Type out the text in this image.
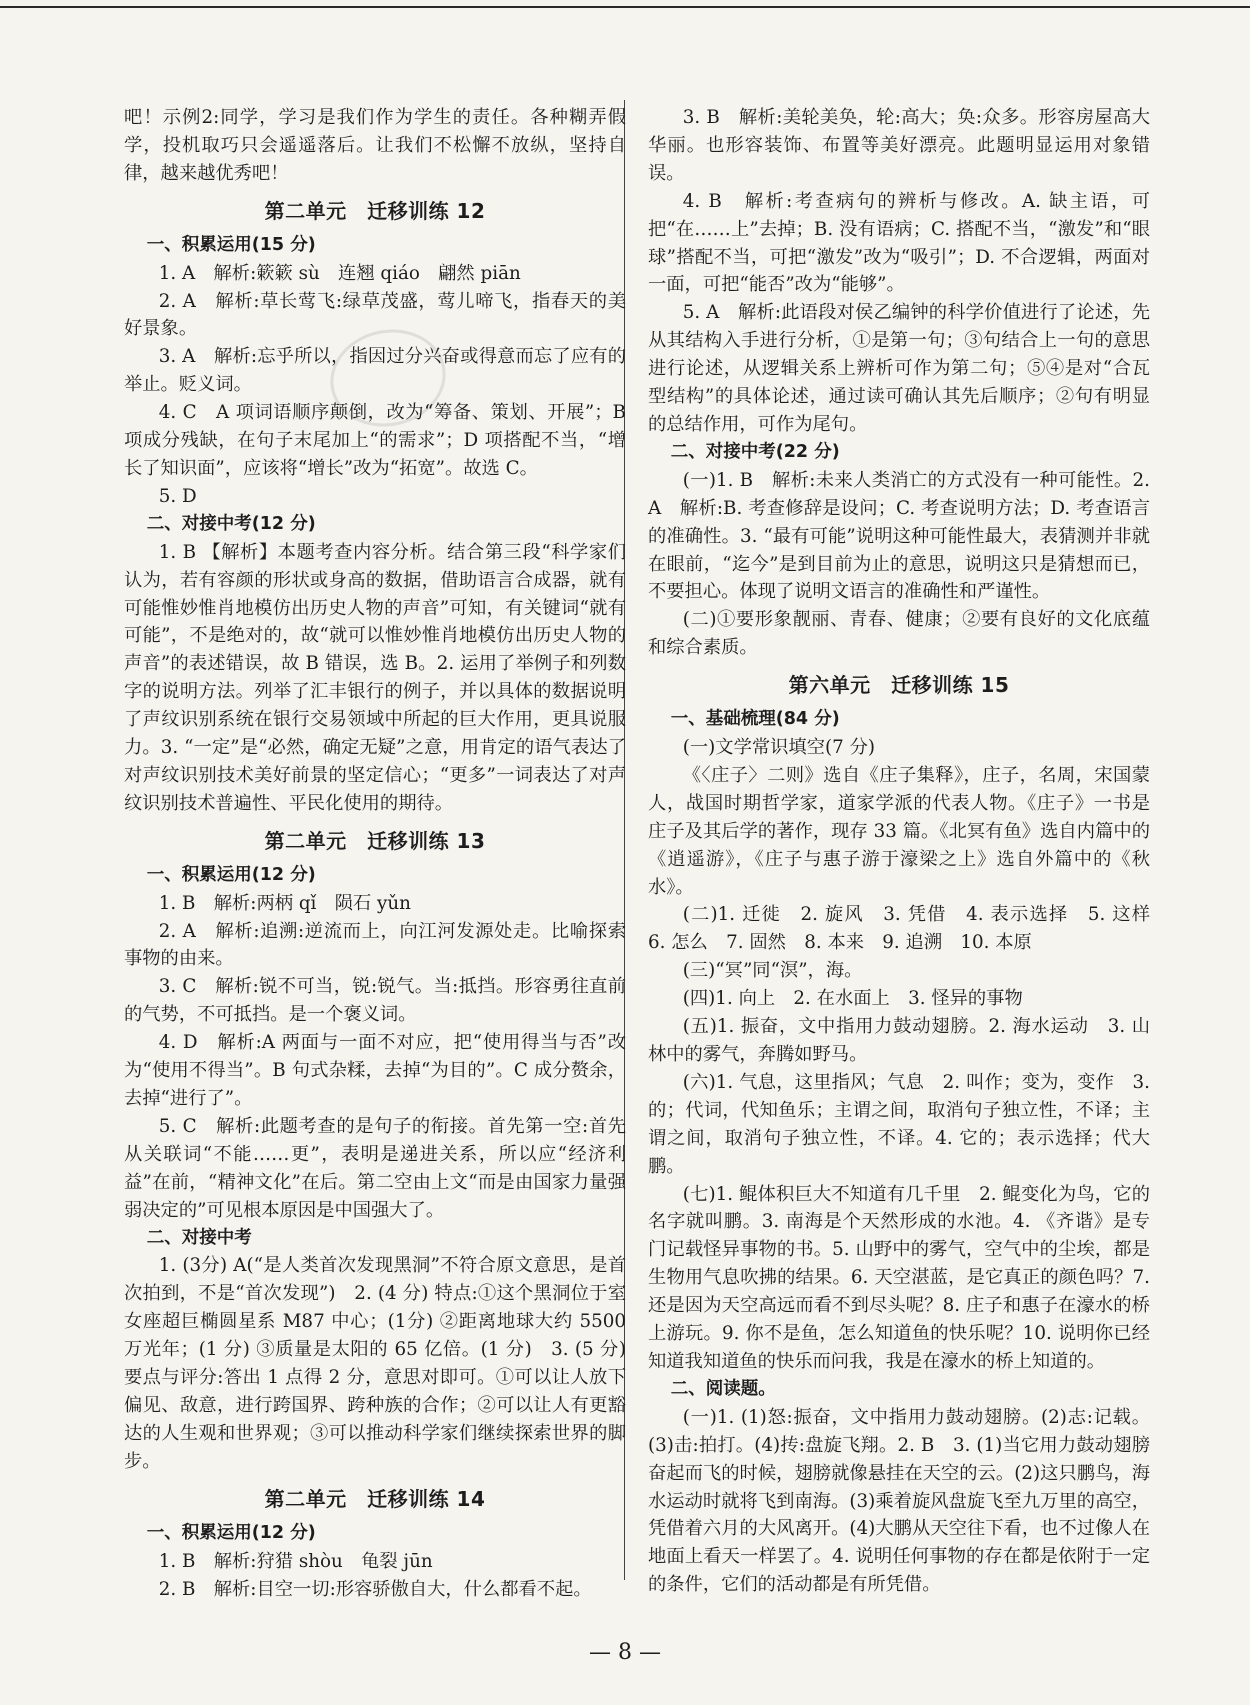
吧！示例2:同学，学习是我们作为学生的责任。各种糊弄假学，投机取巧只会遥遥落后。让我们不松懈不放纵，坚持自律，越来越优秀吧！

第二单元　迁移训练 12
一、积累运用(15 分)

1. A　解析:簌簌 sù　连翘 qiáo　翩然 piān

2. A　解析:草长莺飞:绿草茂盛，莺儿啼飞，指春天的美好景象。

3. A　解析:忘乎所以，指因过分兴奋或得意而忘了应有的举止。贬义词。

4. C　A 项词语顺序颠倒，改为“筹备、策划、开展”；B 项成分残缺，在句子末尾加上“的需求”；D 项搭配不当，“增长了知识面”，应该将“增长”改为“拓宽”。故选 C。

5. D

二、对接中考(12 分)

1. B 【解析】本题考查内容分析。结合第三段“科学家们认为，若有容颜的形状或身高的数据，借助语言合成器，就有可能惟妙惟肖地模仿出历史人物的声音”可知，有关键词“就有可能”，不是绝对的，故“就可以惟妙惟肖地模仿出历史人物的声音”的表述错误，故 B 错误，选 B。2. 运用了举例子和列数字的说明方法。列举了汇丰银行的例子，并以具体的数据说明了声纹识别系统在银行交易领域中所起的巨大作用，更具说服力。3. “一定”是“必然，确定无疑”之意，用肯定的语气表达了对声纹识别技术美好前景的坚定信心；“更多”一词表达了对声纹识别技术普遍性、平民化使用的期待。

第二单元　迁移训练 13
一、积累运用(12 分)

1. B　解析:两柄 qǐ　陨石 yǔn

2. A　解析:追溯:逆流而上，向江河发源处走。比喻探索事物的由来。

3. C　解析:锐不可当，锐:锐气。当:抵挡。形容勇往直前的气势，不可抵挡。是一个褒义词。

4. D　解析:A 两面与一面不对应，把“使用得当与否”改为“使用不得当”。B 句式杂糅，去掉“为目的”。C 成分赘余，去掉“进行了”。

5. C　解析:此题考查的是句子的衔接。首先第一空:首先从关联词“不能……更”，表明是递进关系，所以应“经济利益”在前，“精神文化”在后。第二空由上文“而是由国家力量强弱决定的”可见根本原因是中国强大了。

二、对接中考

1. (3分) A(“是人类首次发现黑洞”不符合原文意思，是首次拍到，不是“首次发现”)　2. (4 分) 特点:①这个黑洞位于室女座超巨椭圆星系 M87 中心；(1分) ②距离地球大约 5500 万光年；(1 分) ③质量是太阳的 65 亿倍。(1 分)　3. (5 分) 要点与评分:答出 1 点得 2 分，意思对即可。①可以让人放下偏见、敌意，进行跨国界、跨种族的合作；②可以让人有更豁达的人生观和世界观；③可以推动科学家们继续探索世界的脚步。

第二单元　迁移训练 14
一、积累运用(12 分)

1. B　解析:狩猎 shòu　龟裂 jūn

2. B　解析:目空一切:形容骄傲自大，什么都看不起。

3. B　解析:美轮美奂，轮:高大；奂:众多。形容房屋高大华丽。也形容装饰、布置等美好漂亮。此题明显运用对象错误。

4. B　解析:考查病句的辨析与修改。A. 缺主语，可把“在……上”去掉；B. 没有语病；C. 搭配不当，“激发”和“眼球”搭配不当，可把“激发”改为“吸引”；D. 不合逻辑，两面对一面，可把“能否”改为“能够”。

5. A　解析:此语段对侯乙编钟的科学价值进行了论述，先从其结构入手进行分析，①是第一句；③句结合上一句的意思进行论述，从逻辑关系上辨析可作为第二句；⑤④是对“合瓦型结构”的具体论述，通过读可确认其先后顺序；②句有明显的总结作用，可作为尾句。

二、对接中考(22 分)

(一)1. B　解析:未来人类消亡的方式没有一种可能性。2. A　解析:B. 考查修辞是设问；C. 考查说明方法；D. 考查语言的准确性。3. “最有可能”说明这种可能性最大，表猜测并非就在眼前，“迄今”是到目前为止的意思，说明这只是猜想而已，不要担心。体现了说明文语言的准确性和严谨性。

(二)①要形象靓丽、青春、健康；②要有良好的文化底蕴和综合素质。

第六单元　迁移训练 15
一、基础梳理(84 分)

(一)文学常识填空(7 分)

《〈庄子〉二则》选自《庄子集释》，庄子，名周，宋国蒙人，战国时期哲学家，道家学派的代表人物。《庄子》一书是庄子及其后学的著作，现存 33 篇。《北冥有鱼》选自内篇中的《逍遥游》，《庄子与惠子游于濠梁之上》选自外篇中的《秋水》。

(二)1. 迁徙　2. 旋风　3. 凭借　4. 表示选择　5. 这样　6. 怎么　7. 固然　8. 本来　9. 追溯　10. 本原

(三)“冥”同“溟”，海。

(四)1. 向上　2. 在水面上　3. 怪异的事物

(五)1. 振奋，文中指用力鼓动翅膀。2. 海水运动　3. 山林中的雾气，奔腾如野马。

(六)1. 气息，这里指风；气息　2. 叫作；变为，变作　3. 的；代词，代知鱼乐；主谓之间，取消句子独立性，不译；主谓之间，取消句子独立性，不译。4. 它的；表示选择；代大鹏。

(七)1. 鲲体积巨大不知道有几千里　2. 鲲变化为鸟，它的名字就叫鹏。3. 南海是个天然形成的水池。4. 《齐谐》是专门记载怪异事物的书。5. 山野中的雾气，空气中的尘埃，都是生物用气息吹拂的结果。6. 天空湛蓝，是它真正的颜色吗？7. 还是因为天空高远而看不到尽头呢？8. 庄子和惠子在濠水的桥上游玩。9. 你不是鱼，怎么知道鱼的快乐呢？10. 说明你已经知道我知道鱼的快乐而问我，我是在濠水的桥上知道的。

二、阅读题。

(一)1. (1)怒:振奋，文中指用力鼓动翅膀。(2)志:记载。(3)击:拍打。(4)抟:盘旋飞翔。2. B　3. (1)当它用力鼓动翅膀奋起而飞的时候，翅膀就像悬挂在天空的云。(2)这只鹏鸟，海水运动时就将飞到南海。(3)乘着旋风盘旋飞至九万里的高空，凭借着六月的大风离开。(4)大鹏从天空往下看，也不过像人在地面上看天一样罢了。4. 说明任何事物的存在都是依附于一定的条件，它们的活动都是有所凭借。

— 8 —
